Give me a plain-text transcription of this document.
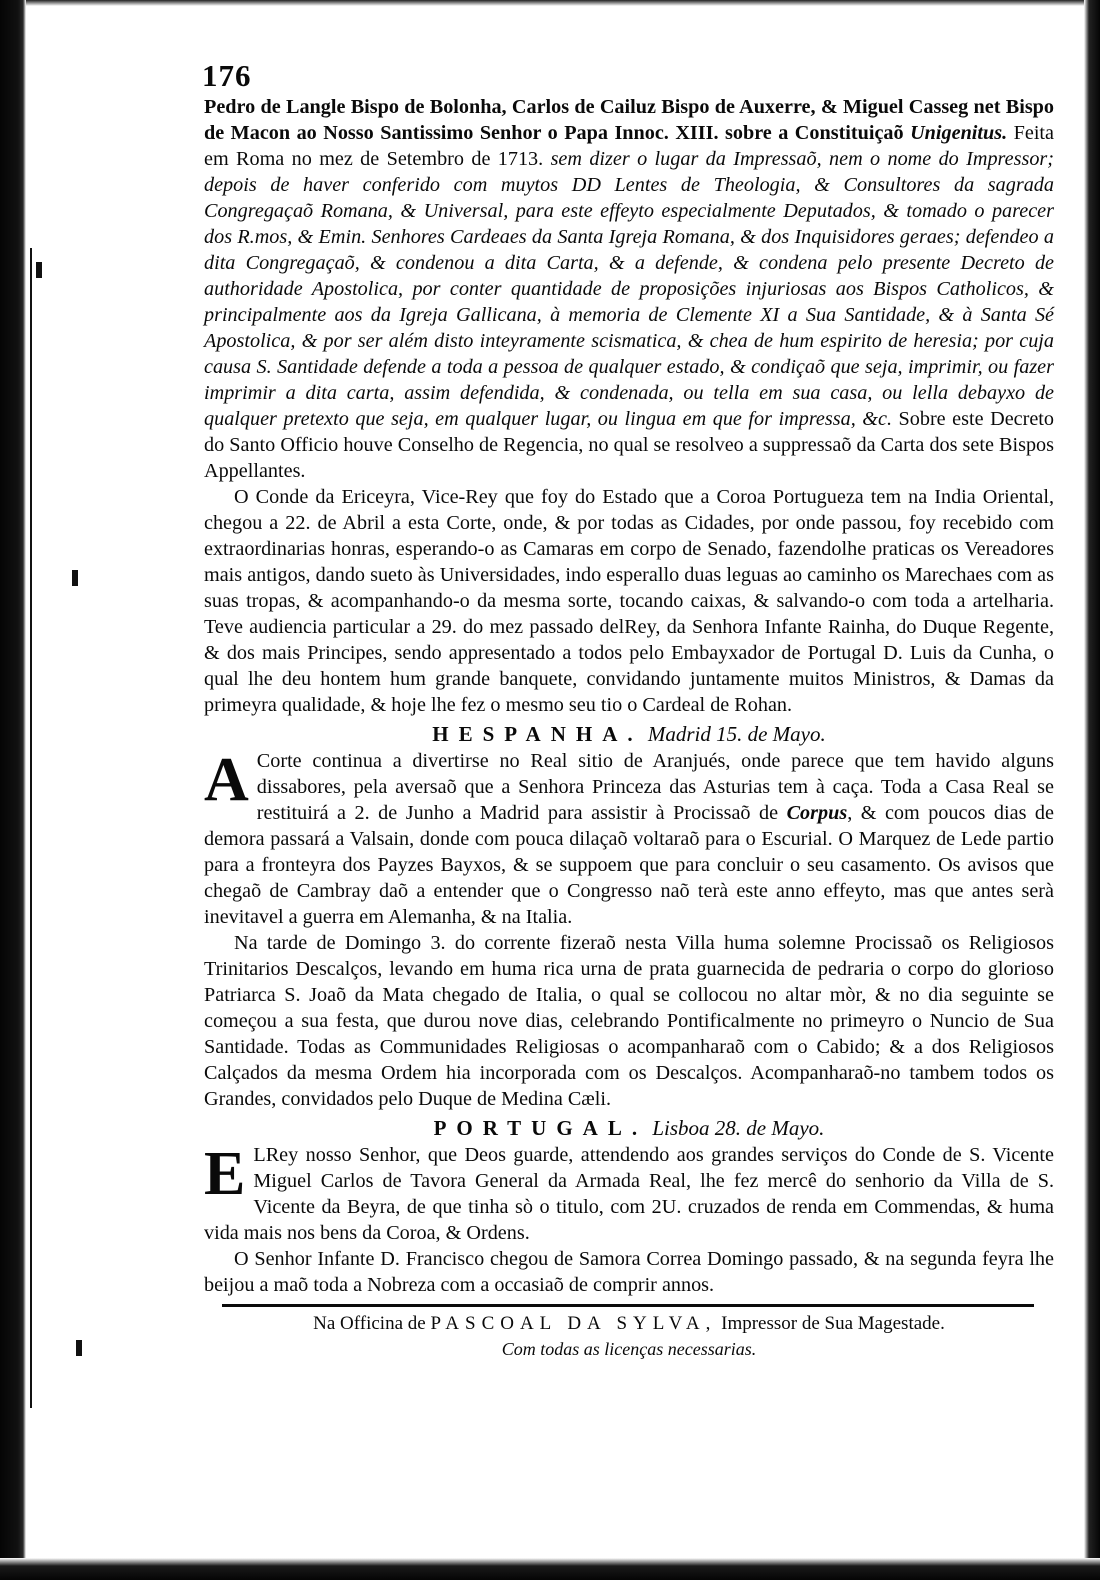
176

Pedro de Langle Bispo de Bolonha, Carlos de Cailuz Bispo de Auxerre, & Miguel Casseg net Bispo de Macon ao Nosso Santissimo Senhor o Papa Innoc. XIII. sobre a Constituiçaõ Unigenitus. Feita em Roma no mez de Setembro de 1713. sem dizer o lugar da Impressaõ, nem o nome do Impressor; depois de haver conferido com muytos DD Lentes de Theologia, & Consultores da sagrada Congregaçaõ Romana, & Universal, para este effeyto especialmente Deputados, & tomado o parecer dos R.mos, & Emin. Senhores Cardeaes da Santa Igreja Romana, & dos Inquisidores geraes; defendeo a dita Congregaçaõ, & condenou a dita Carta, & a defende, & condena pelo presente Decreto de authoridade Apostolica, por conter quantidade de proposições injuriosas aos Bispos Catholicos, & principalmente aos da Igreja Gallicana, à memoria de Clemente XI a Sua Santidade, & à Santa Sé Apostolica, & por ser além disto inteyramente scismatica, & chea de hum espirito de heresia; por cuja causa S. Santidade defende a toda a pessoa de qualquer estado, & condiçaõ que seja, imprimir, ou fazer imprimir a dita carta, assim defendida, & condenada, ou tella em sua casa, ou lella debayxo de qualquer pretexto que seja, em qualquer lugar, ou lingua em que for impressa, &c. Sobre este Decreto do Santo Officio houve Conselho de Regencia, no qual se resolveo a suppressaõ da Carta dos sete Bispos Appellantes.

O Conde da Ericeyra, Vice-Rey que foy do Estado que a Coroa Portugueza tem na India Oriental, chegou a 22. de Abril a esta Corte, onde, & por todas as Cidades, por onde passou, foy recebido com extraordinarias honras, esperando-o as Camaras em corpo de Senado, fazendolhe praticas os Vereadores mais antigos, dando sueto às Universidades, indo esperallo duas leguas ao caminho os Marechaes com as suas tropas, & acompanhando-o da mesma sorte, tocando caixas, & salvando-o com toda a artelharia. Teve audiencia particular a 29. do mez passado delRey, da Senhora Infante Rainha, do Duque Regente, & dos mais Principes, sendo appresentado a todos pelo Embayxador de Portugal D. Luis da Cunha, o qual lhe deu hontem hum grande banquete, convidando juntamente muitos Ministros, & Damas da primeyra qualidade, & hoje lhe fez o mesmo seu tio o Cardeal de Rohan.

HESPANHA. Madrid 15. de Mayo.

A Corte continua a divertirse no Real sitio de Aranjués, onde parece que tem havido alguns dissabores, pela aversaõ que a Senhora Princeza das Asturias tem à caça. Toda a Casa Real se restituirá a 2. de Junho a Madrid para assistir à Procissaõ de Corpus, & com poucos dias de demora passará a Valsain, donde com pouca dilaçaõ voltaraõ para o Escurial. O Marquez de Lede partio para a fronteyra dos Payzes Bayxos, & se suppoem que para concluir o seu casamento. Os avisos que chegaõ de Cambray daõ a entender que o Congresso naõ terà este anno effeyto, mas que antes serà inevitavel a guerra em Alemanha, & na Italia.

Na tarde de Domingo 3. do corrente fizeraõ nesta Villa huma solemne Procissaõ os Religiosos Trinitarios Descalços, levando em huma rica urna de prata guarnecida de pedraria o corpo do glorioso Patriarca S. Joaõ da Mata chegado de Italia, o qual se collocou no altar mòr, & no dia seguinte se começou a sua festa, que durou nove dias, celebrando Pontificalmente no primeyro o Nuncio de Sua Santidade. Todas as Communidades Religiosas o acompanharaõ com o Cabido; & a dos Religiosos Calçados da mesma Ordem hia incorporada com os Descalços. Acompanharaõ-no tambem todos os Grandes, convidados pelo Duque de Medina Cæli.

PORTUGAL. Lisboa 28. de Mayo.

E LRey nosso Senhor, que Deos guarde, attendendo aos grandes serviços do Conde de S. Vicente Miguel Carlos de Tavora General da Armada Real, lhe fez mercê do senhorio da Villa de S. Vicente da Beyra, de que tinha sò o titulo, com 2U. cruzados de renda em Commendas, & huma vida mais nos bens da Coroa, & Ordens.

O Senhor Infante D. Francisco chegou de Samora Correa Domingo passado, & na segunda feyra lhe beijou a maõ toda a Nobreza com a occasiaõ de comprir annos.

Na Officina de PASCOAL DA SYLVA, Impressor de Sua Magestade.
Com todas as licenças necessarias.
